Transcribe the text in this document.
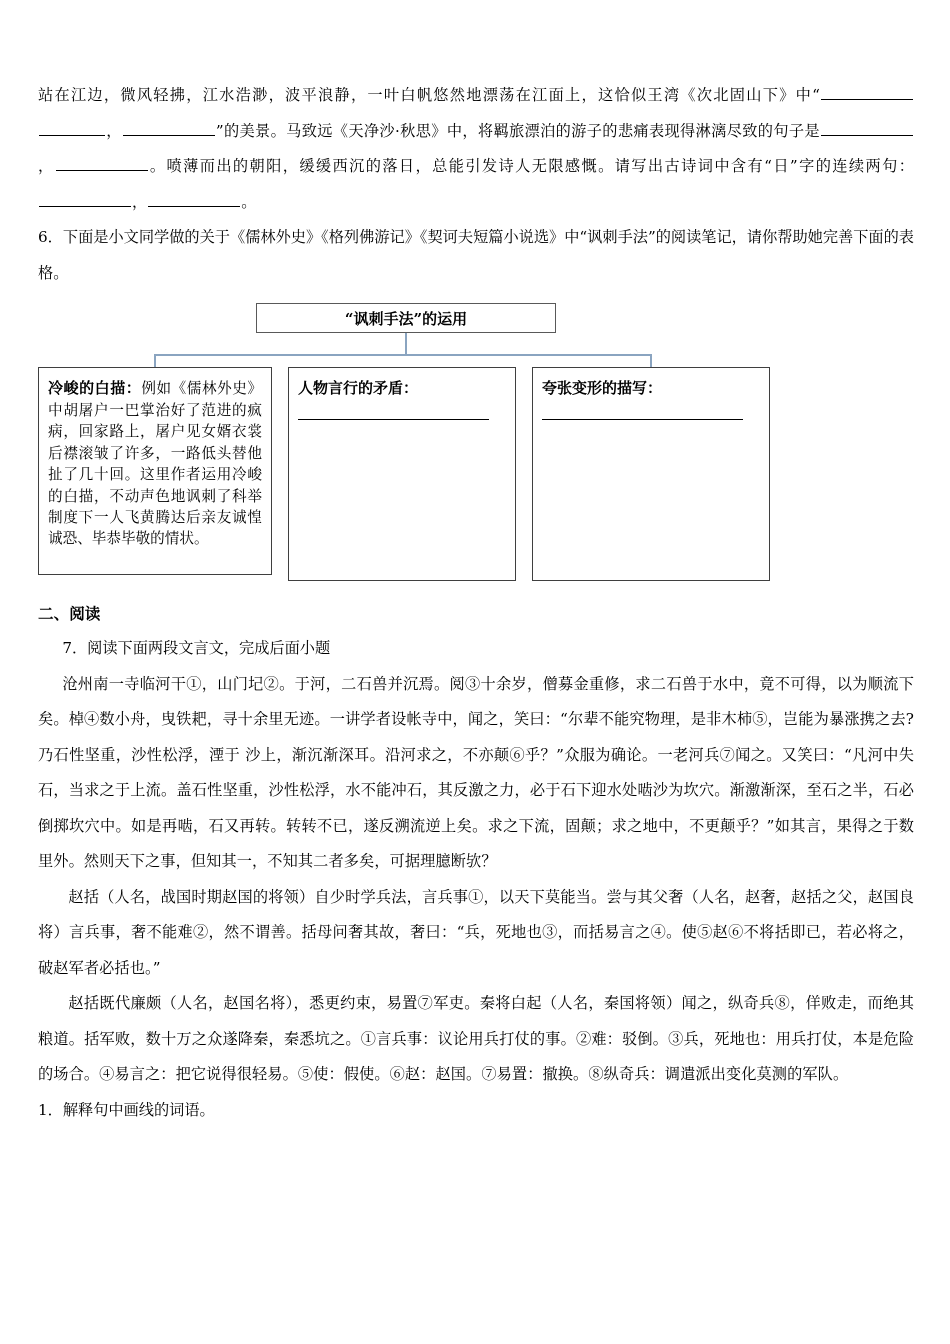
站在江边，微风轻拂，江水浩渺，波平浪静，一叶白帆悠然地漂荡在江面上，这恰似王湾《次北固山下》中“，	”的美景。马致远《天净沙·秋思》中，将羁旅漂泊的游子的悲痛表现得淋漓尽致的句子是，	。喷薄而出的朝阳，缓缓西沉的落日，总能引发诗人无限感慨。请写出古诗词中含有“日”字的连续两句：，	。

6．下面是小文同学做的关于《儒林外史》《格列佛游记》《契诃夫短篇小说选》中“讽刺手法”的阅读笔记，请你帮助她完善下面的表格。

“讽刺手法”的运用
冷峻的白描：例如《儒林外史》中胡屠户一巴掌治好了范进的疯病，回家路上，屠户见女婿衣裳后襟滚皱了许多，一路低头替他扯了几十回。这里作者运用冷峻的白描，不动声色地讽刺了科举制度下一人飞黄腾达后亲友诚惶诚恐、毕恭毕敬的情状。
人物言行的矛盾：	夸张变形的描写：

二、阅读

7．阅读下面两段文言文，完成后面小题

沧州南一寺临河干①，山门圮②。于河，二石兽并沉焉。阅③十余岁，僧募金重修，求二石兽于水中，竟不可得，以为顺流下矣。棹④数小舟，曳铁耙，寻十余里无迹。一讲学者设帐寺中，闻之，笑曰：“尔辈不能究物理，是非木柿⑤，岂能为暴涨携之去?乃石性坚重，沙性松浮，湮于 沙上，渐沉渐深耳。沿河求之，不亦颠⑥乎？”众服为确论。一老河兵⑦闻之。又笑曰：“凡河中失石，当求之于上流。盖石性坚重，沙性松浮，水不能冲石，其反激之力，必于石下迎水处啮沙为坎穴。渐激渐深，至石之半，石必倒掷坎穴中。如是再啮，石又再转。转转不已，遂反溯流逆上矣。求之下流，固颠；求之地中，不更颠乎？”如其言，果得之于数里外。然则天下之事，但知其一，不知其二者多矣，可据理臆断欤？

赵括（人名，战国时期赵国的将领）自少时学兵法，言兵事①，以天下莫能当。尝与其父奢（人名，赵奢，赵括之父，赵国良将）言兵事，奢不能难②，然不谓善。括母问奢其故，奢曰：“兵，死地也③，而括易言之④。使⑤赵⑥不将括即已，若必将之，破赵军者必括也。”

赵括既代廉颇（人名，赵国名将），悉更约束，易置⑦军吏。秦将白起（人名，秦国将领）闻之，纵奇兵⑧，佯败走，而绝其粮道。括军败，数十万之众遂降秦，秦悉坑之。①言兵事：议论用兵打仗的事。②难：驳倒。③兵，死地也：用兵打仗，本是危险的场合。④易言之：把它说得很轻易。⑤使：假使。⑥赵：赵国。⑦易置：撤换。⑧纵奇兵：调遣派出变化莫测的军队。

1．解释句中画线的词语。
